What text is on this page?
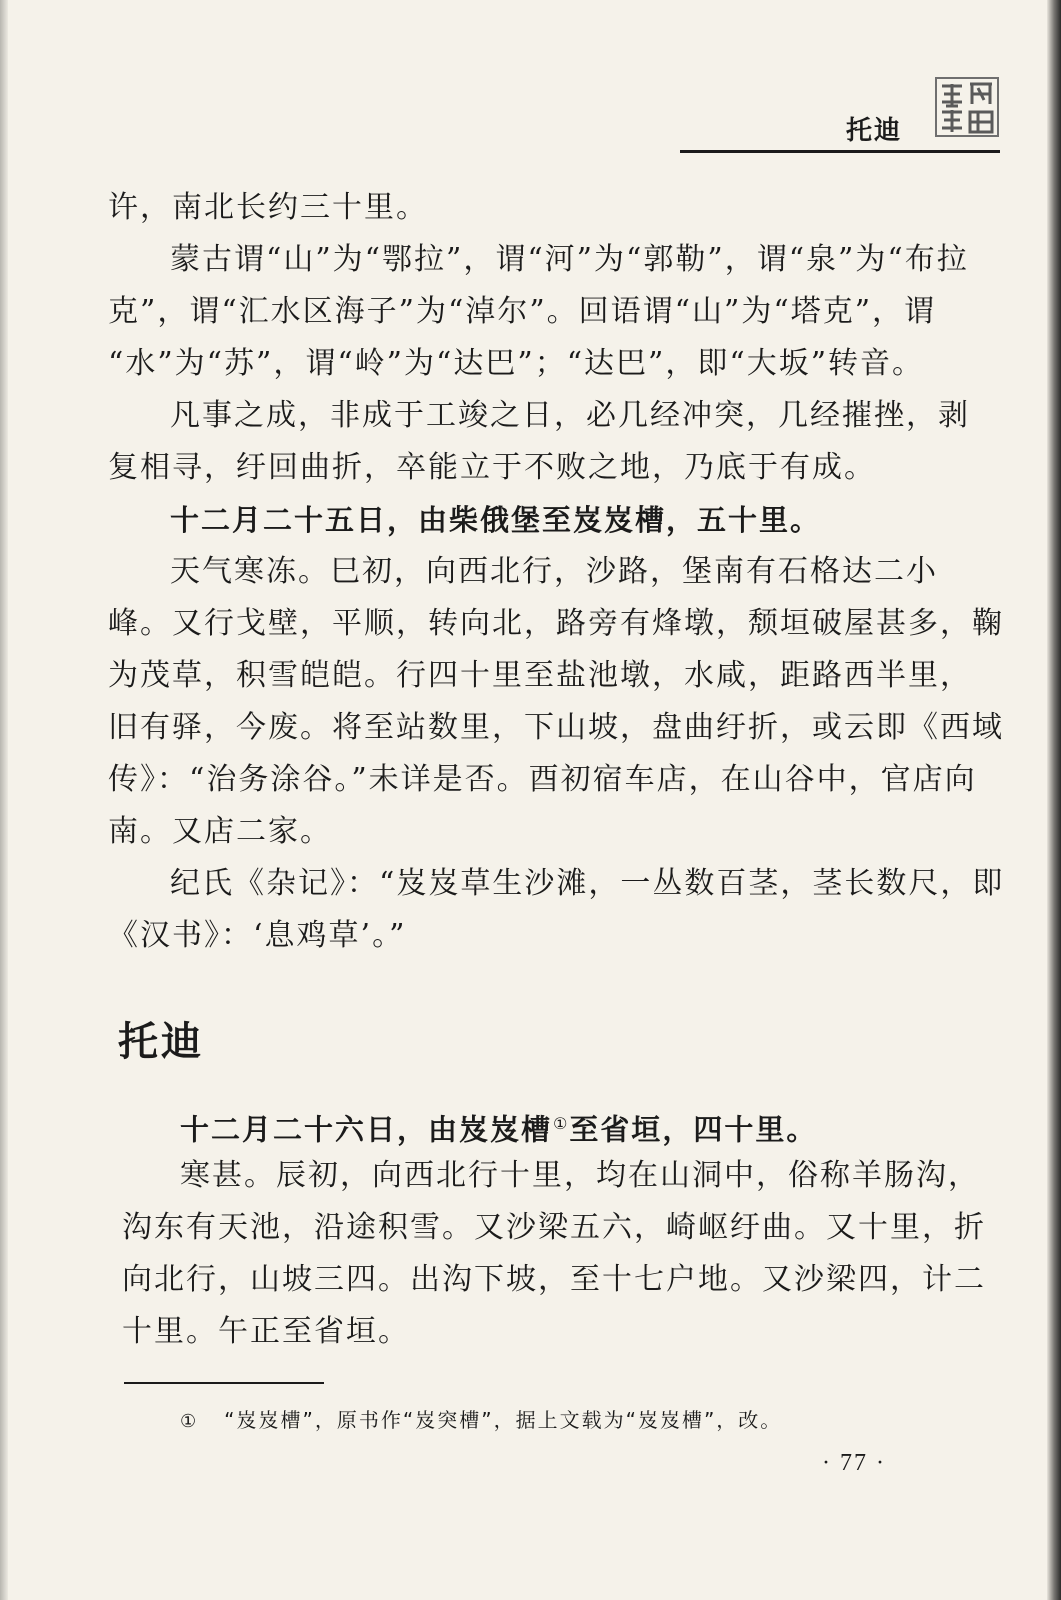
托迪
许，南北长约三十里。
蒙古谓“山”为“鄂拉”，谓“河”为“郭勒”，谓“泉”为“布拉
克”，谓“汇水区海子”为“淖尔”。回语谓“山”为“塔克”，谓
“水”为“苏”，谓“岭”为“达巴”；“达巴”，即“大坂”转音。
凡事之成，非成于工竣之日，必几经冲突，几经摧挫，剥
复相寻，纡回曲折，卒能立于不败之地，乃底于有成。
十二月二十五日，由柴俄堡至岌岌槽，五十里。
天气寒冻。巳初，向西北行，沙路，堡南有石格达二小
峰。又行戈壁，平顺，转向北，路旁有烽墩，颓垣破屋甚多，鞠
为茂草，积雪皑皑。行四十里至盐池墩，水咸，距路西半里，
旧有驿，今废。将至站数里，下山坡，盘曲纡折，或云即《西域
传》：“治务涂谷。”未详是否。酉初宿车店，在山谷中，官店向
南。又店二家。
纪氏《杂记》：“岌岌草生沙滩，一丛数百茎，茎长数尺，即
《汉书》：‘息鸡草’。”
托迪
十二月二十六日，由岌岌槽①至省垣，四十里。
寒甚。辰初，向西北行十里，均在山洞中，俗称羊肠沟，
沟东有天池，沿途积雪。又沙梁五六，崎岖纡曲。又十里，折
向北行，山坡三四。出沟下坡，至十七户地。又沙梁四，计二
十里。午正至省垣。
① “岌岌槽”，原书作“岌突槽”，据上文载为“岌岌槽”，改。
· 77 ·
